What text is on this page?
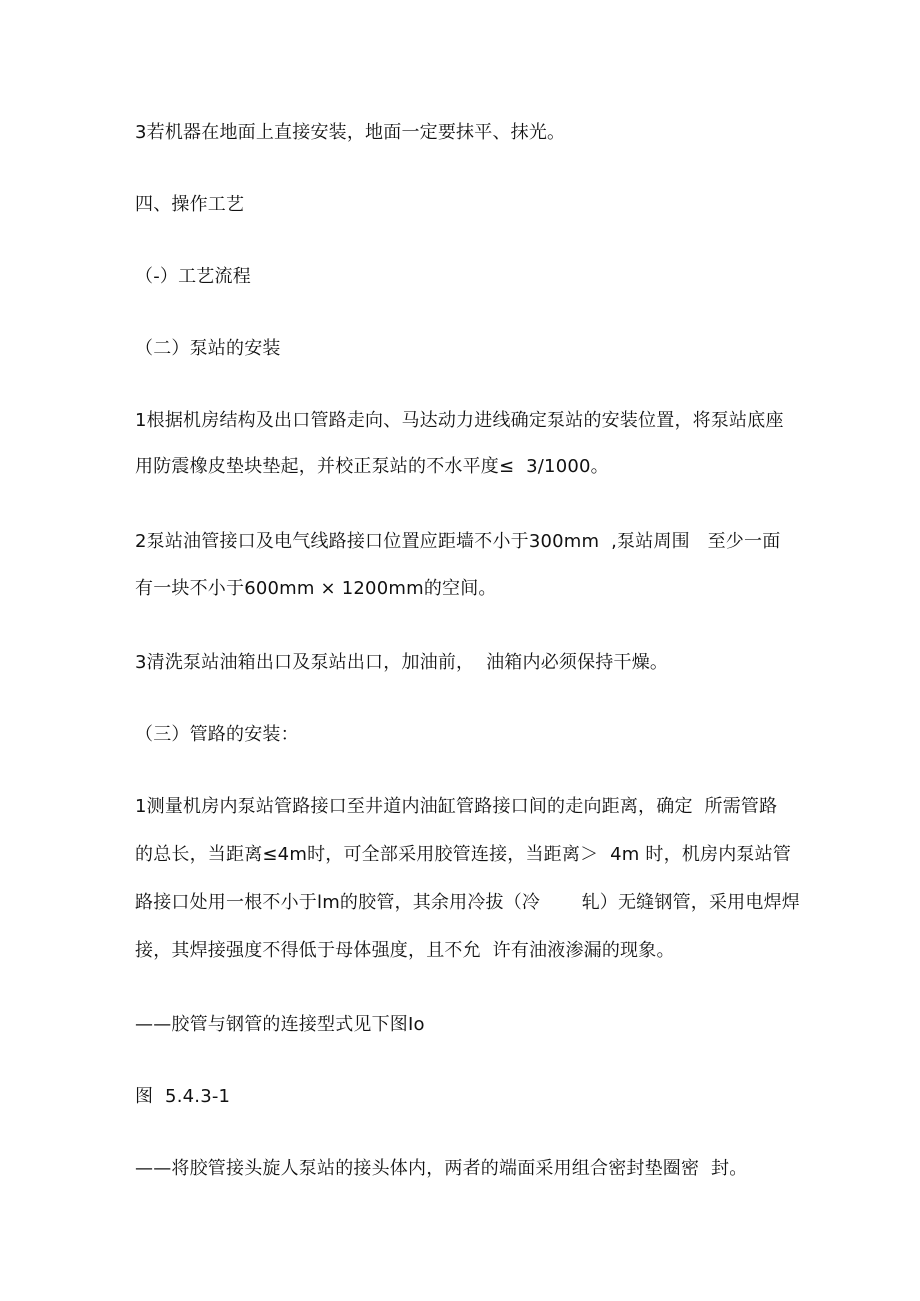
3若机器在地面上直接安装，地面一定要抹平、抹光。
四、操作工艺
（-）工艺流程
（二）泵站的安装
1根据机房结构及出口管路走向、马达动力进线确定泵站的安装位置，将泵站底座
用防震橡皮垫块垫起，并校正泵站的不水平度≤  3/1000。
2泵站油管接口及电气线路接口位置应距墙不小于300mm  ,泵站周围   至少一面
有一块不小于600mm × 1200mm的空间。
3清洗泵站油箱出口及泵站出口，加油前，  油箱内必须保持干燥。
（三）管路的安装：
1测量机房内泵站管路接口至井道内油缸管路接口间的走向距离，确定  所需管路
的总长，当距离≤4m时，可全部采用胶管连接，当距离＞  4m 时，机房内泵站管
路接口处用一根不小于lm的胶管，其余用冷拔（冷       轧）无缝钢管，采用电焊焊
接，其焊接强度不得低于母体强度，且不允  许有油液渗漏的现象。
——胶管与钢管的连接型式见下图Io
图  5.4.3-1
——将胶管接头旋人泵站的接头体内，两者的端面采用组合密封垫圈密  封。
